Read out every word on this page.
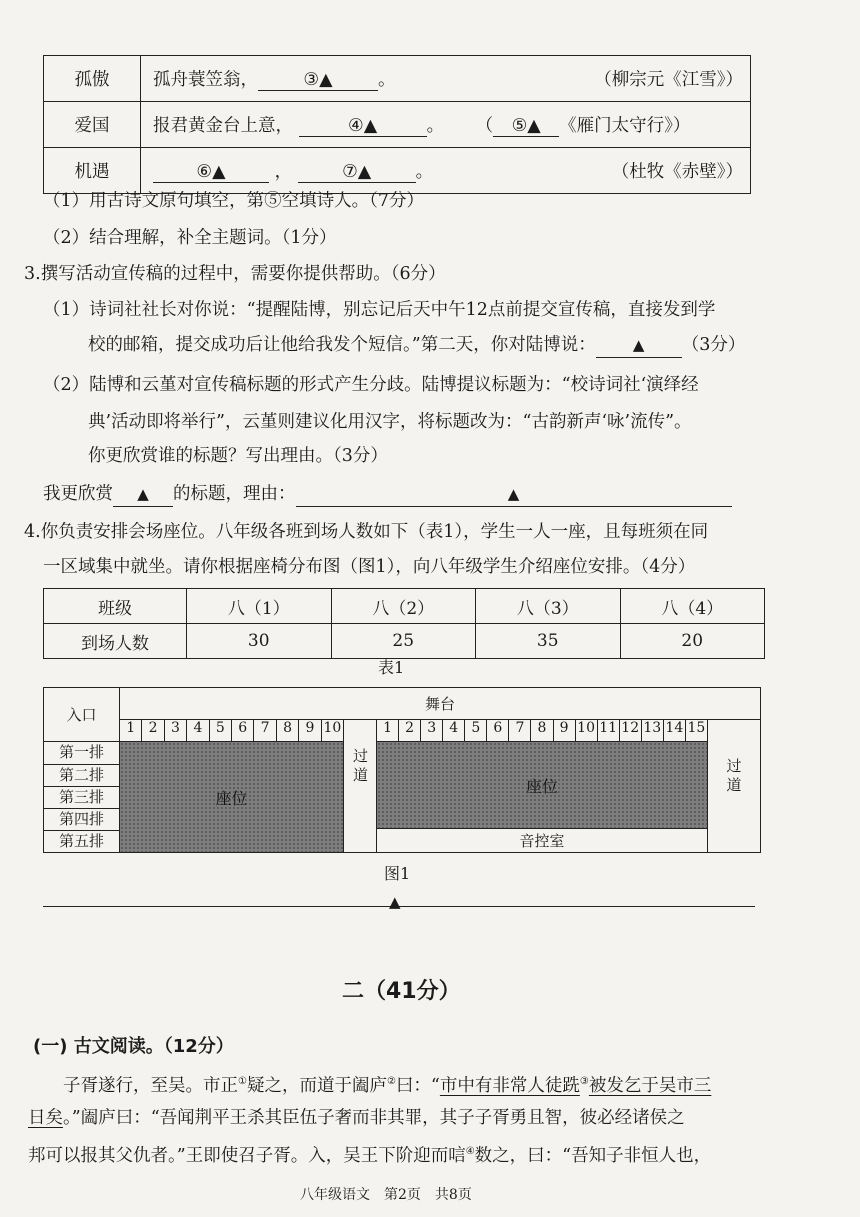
孤傲	孤舟蓑笠翁， ③▲ 。 （柳宗元《江雪》）

爱国	报君黄金台上意， ④▲ 。 （ ⑤▲ 《雁门太守行》）
机遇	⑥▲ ， ⑦▲ 。 （杜牧《赤壁》）
（1）用古诗文原句填空，第⑤空填诗人。（7分）
（2）结合理解，补全主题词。（1分）
3.撰写活动宣传稿的过程中，需要你提供帮助。（6分）
（1）诗词社社长对你说：“提醒陆博，别忘记后天中午12点前提交宣传稿，直接发到学
校的邮箱，提交成功后让他给我发个短信。”第二天，你对陆博说： ▲ （3分）
（2）陆博和云堇对宣传稿标题的形式产生分歧。陆博提议标题为：“校诗词社‘演绎经
典’活动即将举行”，云堇则建议化用汉字，将标题改为：“古韵新声‘咏’流传”。
你更欣赏谁的标题？写出理由。（3分）
我更欣赏 ▲ 的标题，理由：	▲
4.你负责安排会场座位。八年级各班到场人数如下（表1），学生一人一座，且每班须在同
一区域集中就坐。请你根据座椅分布图（图1），向八年级学生介绍座位安排。（4分）
班级	八（1）	八（2）	八（3）	八（4）
到场人数	30	25	35	20
表1
入口
舞台
1 2 3 4 5 6 7 8 9 10	1 2 3 4 5 6 7 8 9 10 11 12 13 14 15
第一排
第二排
第三排
第四排
第五排
座位
过道	座位
音控室
过道
图1
▲
二（41分）
(一) 古文阅读。（12分）
子胥遂行，至吴。市正①疑之，而道于阖庐②曰：“市中有非常人徒跣③被发乞于吴市三
日矣。”阖庐曰：“吾闻荆平王杀其臣伍子奢而非其罪，其子子胥勇且智，彼必经诸侯之
邦可以报其父仇者。”王即使召子胥。入，吴王下阶迎而唁④数之，曰：“吾知子非恒人也，
八年级语文　第2页　共8页
